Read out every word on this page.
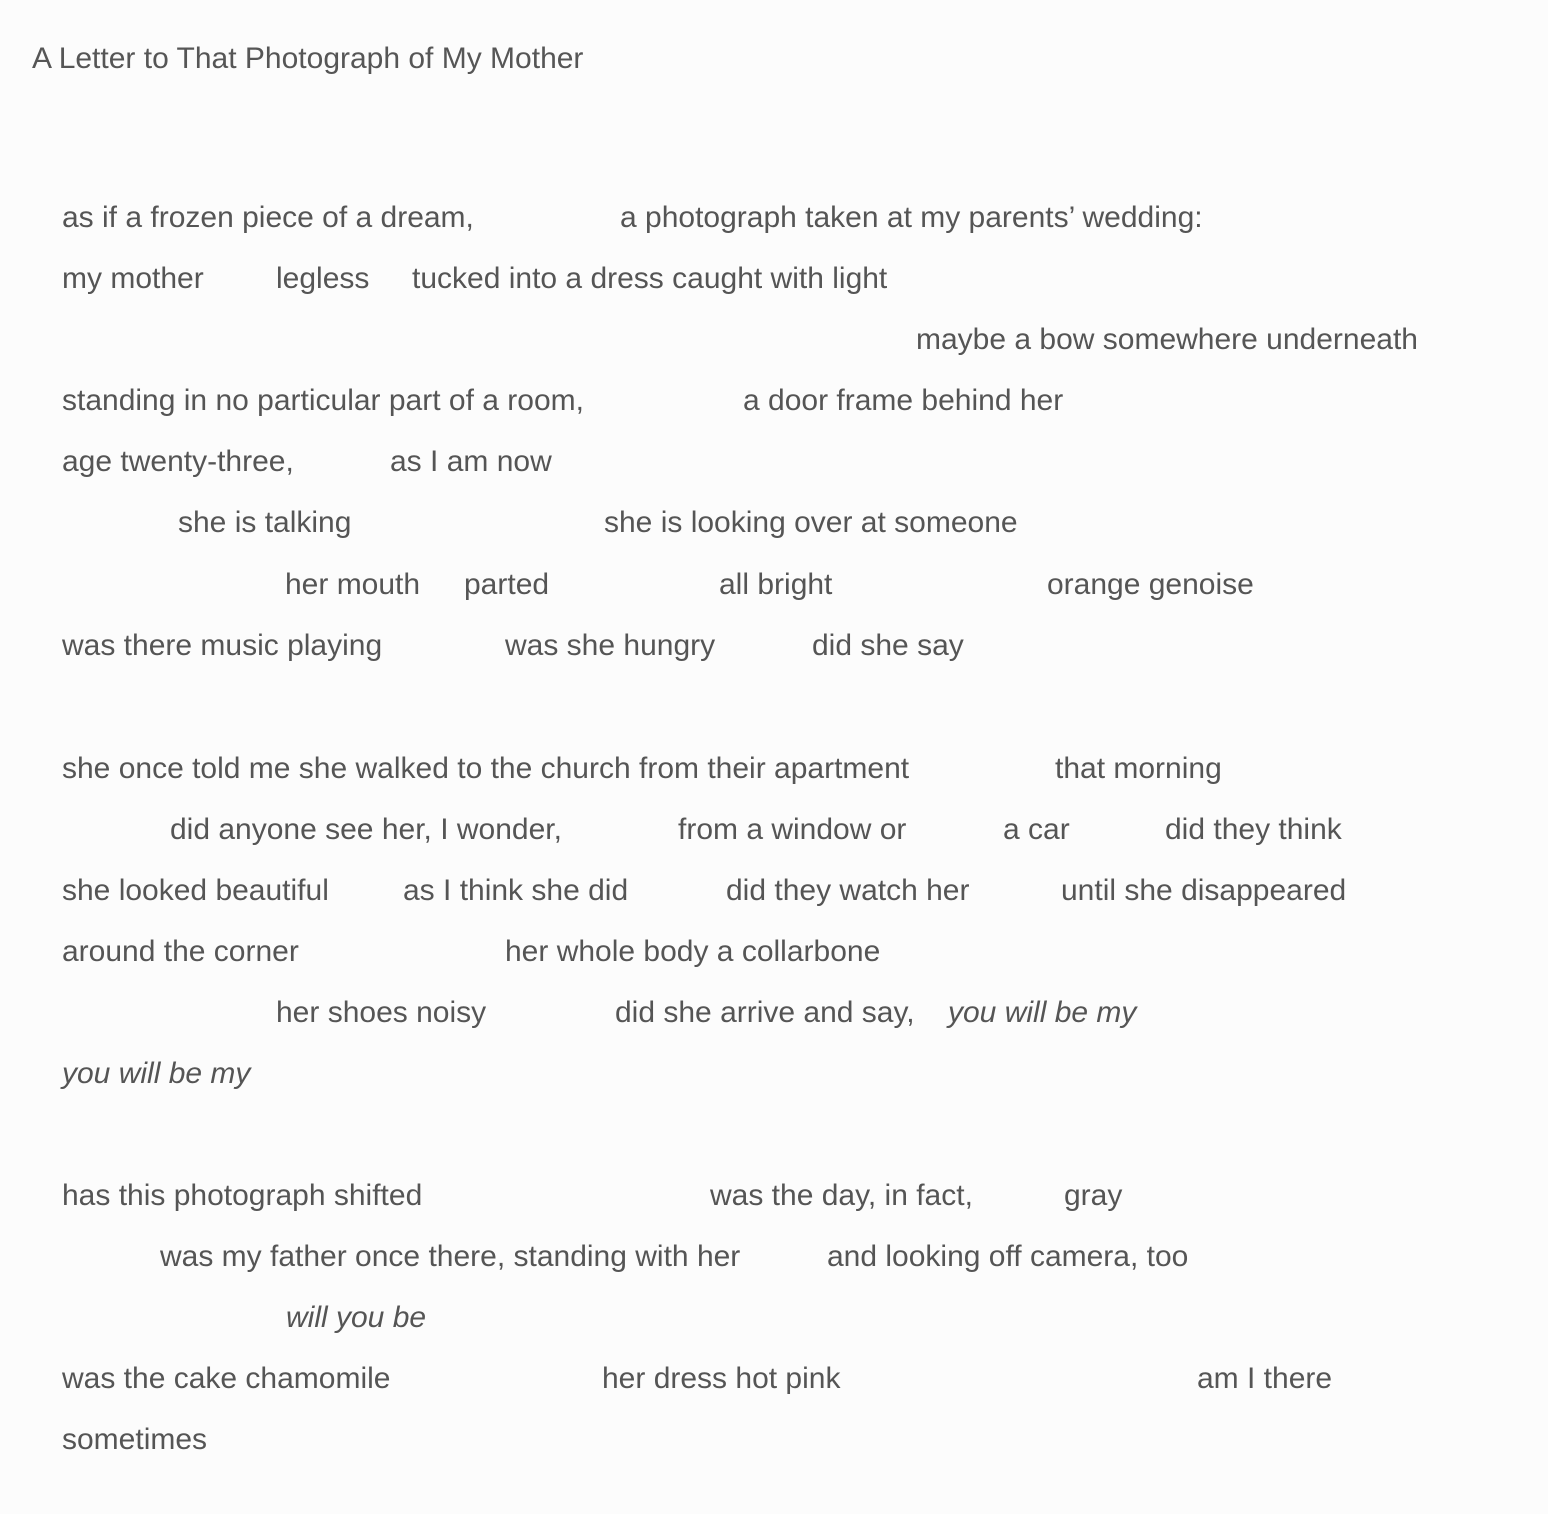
A Letter to That Photograph of My Mother
as if a frozen piece of a dream,	a photograph taken at my parents’ wedding:
my mother legless tucked into a dress caught with light
maybe a bow somewhere underneath
standing in no particular part of a room,	a door frame behind her
age twenty-three,	as I am now
she is talking	she is looking over at someone
her mouth parted	all bright	orange genoise
was there music playing	was she hungry	did she say
she once told me she walked to the church from their apartment	that morning
did anyone see her, I wonder,	from a window or	a car	did they think
she looked beautiful as I think she did	did they watch her	until she disappeared
around the corner	her whole body a collarbone
her shoes noisy	did she arrive and say, you will be my
you will be my
has this photograph shifted	was the day, in fact,	gray
was my father once there, standing with her	and looking off camera, too
will you be
was the cake chamomile	her dress hot pink	am I there
sometimes
